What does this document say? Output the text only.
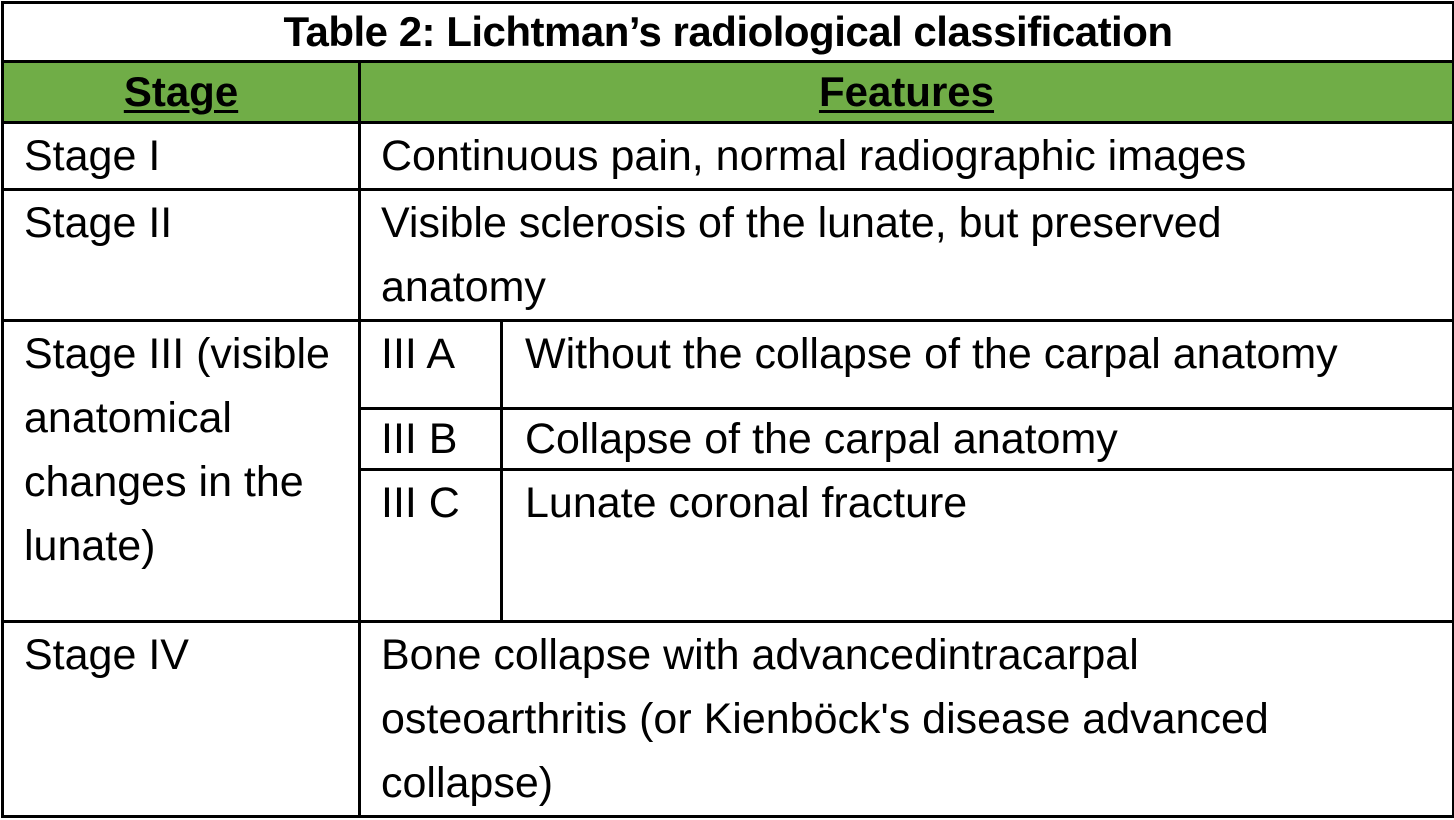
Table 2: Lichtman’s radiological classification		
Stage	Features	
Stage I	Continuous pain, normal radiographic images	
Stage II	Visible sclerosis of the lunate, but preserved anatomy	
Stage III (visible anatomical changes in the lunate)	III A	Without the collapse of the carpal anatomy
	III B	Collapse of the carpal anatomy
	III C	Lunate coronal fracture
Stage IV	Bone collapse with advancedintracarpal osteoarthritis (or Kienböck's disease advanced collapse)	
